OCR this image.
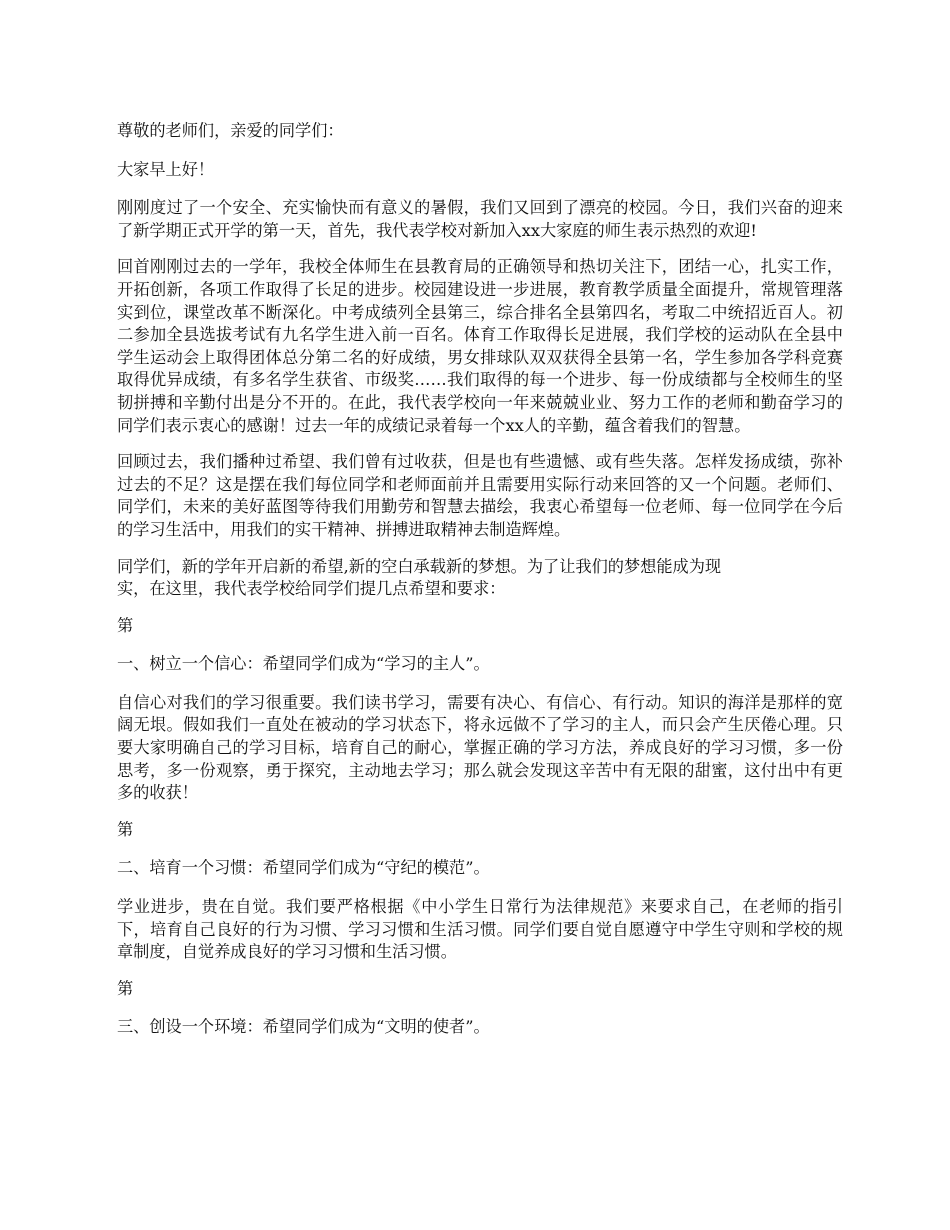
尊敬的老师们，亲爱的同学们：

大家早上好！

刚刚度过了一个安全、充实愉快而有意义的暑假，我们又回到了漂亮的校园。今日，我们兴奋的迎来了新学期正式开学的第一天，首先，我代表学校对新加入xx大家庭的师生表示热烈的欢迎!

回首刚刚过去的一学年，我校全体师生在县教育局的正确领导和热切关注下，团结一心，扎实工作，开拓创新，各项工作取得了长足的进步。校园建设进一步进展，教育教学质量全面提升，常规管理落实到位，课堂改革不断深化。中考成绩列全县第三，综合排名全县第四名，考取二中统招近百人。初二参加全县选拔考试有九名学生进入前一百名。体育工作取得长足进展，我们学校的运动队在全县中学生运动会上取得团体总分第二名的好成绩，男女排球队双双获得全县第一名，学生参加各学科竞赛取得优异成绩，有多名学生获省、市级奖……我们取得的每一个进步、每一份成绩都与全校师生的坚韧拼搏和辛勤付出是分不开的。在此，我代表学校向一年来兢兢业业、努力工作的老师和勤奋学习的同学们表示衷心的感谢！过去一年的成绩记录着每一个xx人的辛勤，蕴含着我们的智慧。

回顾过去，我们播种过希望、我们曾有过收获，但是也有些遗憾、或有些失落。怎样发扬成绩，弥补过去的不足？这是摆在我们每位同学和老师面前并且需要用实际行动来回答的又一个问题。老师们、同学们，未来的美好蓝图等待我们用勤劳和智慧去描绘，我衷心希望每一位老师、每一位同学在今后的学习生活中，用我们的实干精神、拼搏进取精神去制造辉煌。

同学们，新的学年开启新的希望,新的空白承载新的梦想。为了让我们的梦想能成为现
实，在这里，我代表学校给同学们提几点希望和要求：

第

一、树立一个信心：希望同学们成为“学习的主人”。

自信心对我们的学习很重要。我们读书学习，需要有决心、有信心、有行动。知识的海洋是那样的宽阔无垠。假如我们一直处在被动的学习状态下，将永远做不了学习的主人，而只会产生厌倦心理。只要大家明确自己的学习目标，培育自己的耐心，掌握正确的学习方法，养成良好的学习习惯，多一份思考，多一份观察，勇于探究，主动地去学习；那么就会发现这辛苦中有无限的甜蜜，这付出中有更多的收获！

第

二、培育一个习惯：希望同学们成为“守纪的模范”。

学业进步，贵在自觉。我们要严格根据《中小学生日常行为法律规范》来要求自己，在老师的指引下，培育自己良好的行为习惯、学习习惯和生活习惯。同学们要自觉自愿遵守中学生守则和学校的规章制度，自觉养成良好的学习习惯和生活习惯。

第

三、创设一个环境：希望同学们成为“文明的使者”。
